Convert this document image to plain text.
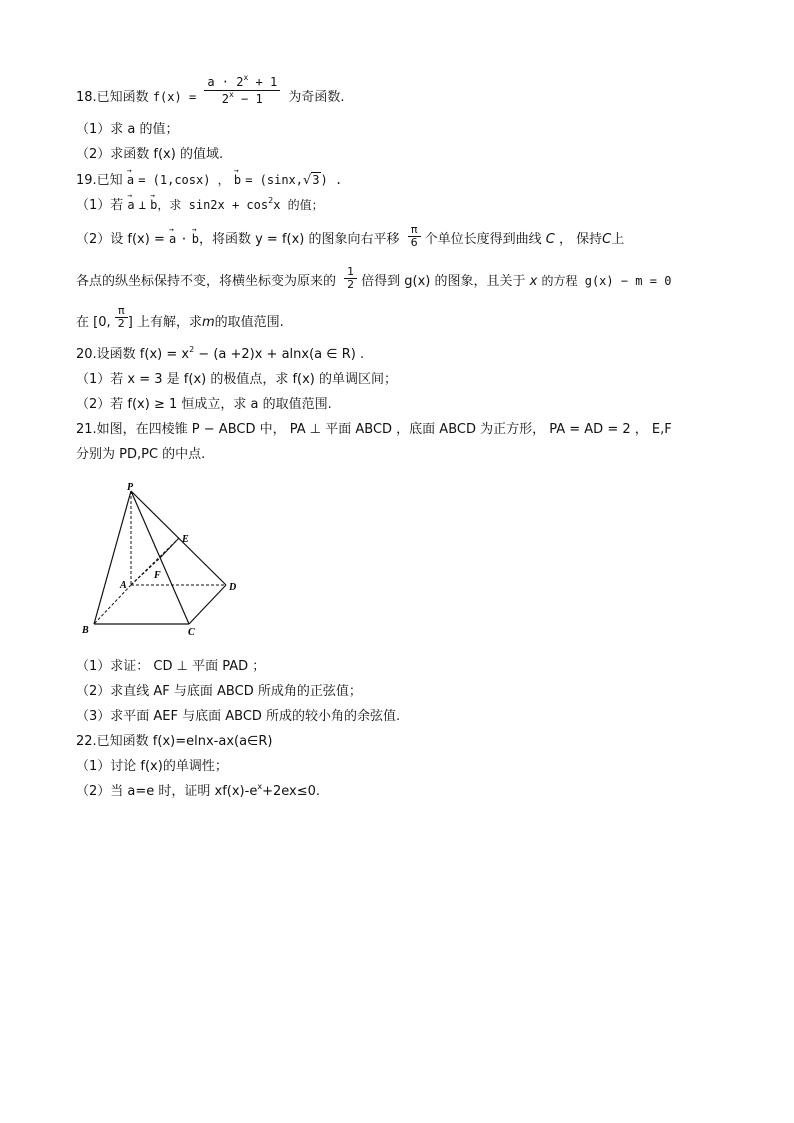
18.已知函数 $f(x) = \frac{a \cdot 2^x + 1}{2^x - 1}$ 为奇函数.
（1）求 a 的值；
（2）求函数 f(x) 的值域.
19.已知 → a = (1,cosx) ， → b = (sinx,√3) .
（1）若 → a ⊥ → b，求 $\sin 2x + \cos^2x$ 的值；
（2）设 f(x) = → a · → b，将函数 y = f(x) 的图象向右平移 $\frac{\pi}{6}$ 个单位长度得到曲线 C ， 保持C上
各点的纵坐标保持不变，将横坐标变为原来的 $\frac{1}{2}$ 倍得到 g(x) 的图象，且关于 x 的方程 g(x) − m = 0
在 [0, $\frac{\pi}{2}$ ] 上有解，求m的取值范围.
20.设函数 $f(x) = x^2 - (a +2)x + alnx(a$ ∈ R) .
（1）若 x = 3 是 f(x) 的极值点，求 f(x) 的单调区间；
（2）若 f(x) ≥ 1 恒成立，求 a 的取值范围.
21.如图，在四棱锥 P − ABCD 中， PA ⊥ 平面 ABCD ，底面 ABCD 为正方形， PA = AD = 2 ， E,F
分别为 PD,PC 的中点.
P
E
A
F
D
B	C
（1）求证： CD ⊥ 平面 PAD ；
（2）求直线 AF 与底面 ABCD 所成角的正弦值；
（3）求平面 AEF 与底面 ABCD 所成的较小角的余弦值.
22.已知函数 f(x)=elnx-ax(a∈R)
（1）讨论 f(x)的单调性；
（2）当 a=e 时，证明 $xf(x)-e^x+2ex\le 0$.
